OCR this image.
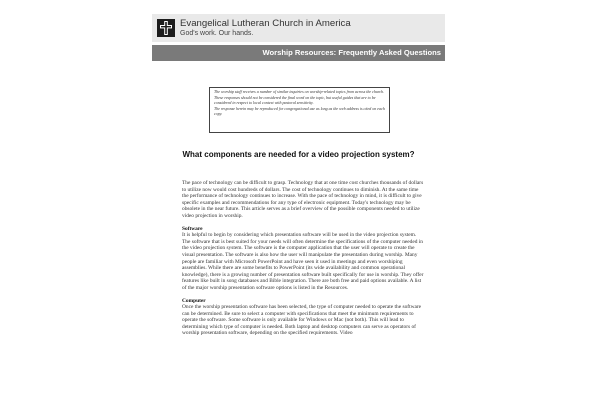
Evangelical Lutheran Church in America
God's work. Our hands.
Worship Resources: Frequently Asked Questions

The worship staff receives a number of similar inquiries on worship-related topics from across the church.

These responses should not be considered the final word on the topic, but useful guides that are to be considered in respect to local context with pastoral sensitivity.

The response herein may be reproduced for congregational use as long as the web address is cited on each copy.

What components are needed for a video projection system?

The pace of technology can be difficult to grasp. Technology that at one time cost churches thousands of dollars to utilize now would cost hundreds of dollars. The cost of technology continues to diminish. At the same time the performance of technology continues to increase. With the pace of technology in mind, it is difficult to give specific examples and recommendations for any type of electronic equipment. Today's technology may be obsolete in the near future. This article serves as a brief overview of the possible components needed to utilize video projection in worship.

Software
It is helpful to begin by considering which presentation software will be used in the video projection system. The software that is best suited for your needs will often determine the specifications of the computer needed in the video projection system. The software is the computer application that the user will operate to create the visual presentation. The software is also how the user will manipulate the presentation during worship. Many people are familiar with Microsoft PowerPoint and have seen it used in meetings and even worshiping assemblies. While there are some benefits to PowerPoint (its wide availability and common operational knowledge), there is a growing number of presentation software built specifically for use in worship. They offer features like built in song databases and Bible integration. There are both free and paid options available. A list of the major worship presentation software options is listed in the Resources.

Computer
Once the worship presentation software has been selected, the type of computer needed to operate the software can be determined. Be sure to select a computer with specifications that meet the minimum requirements to operate the software. Some software is only available for Windows or Mac (not both). This will lead to determining which type of computer is needed. Both laptop and desktop computers can serve as operators of worship presentation software, depending on the specified requirements. Video
